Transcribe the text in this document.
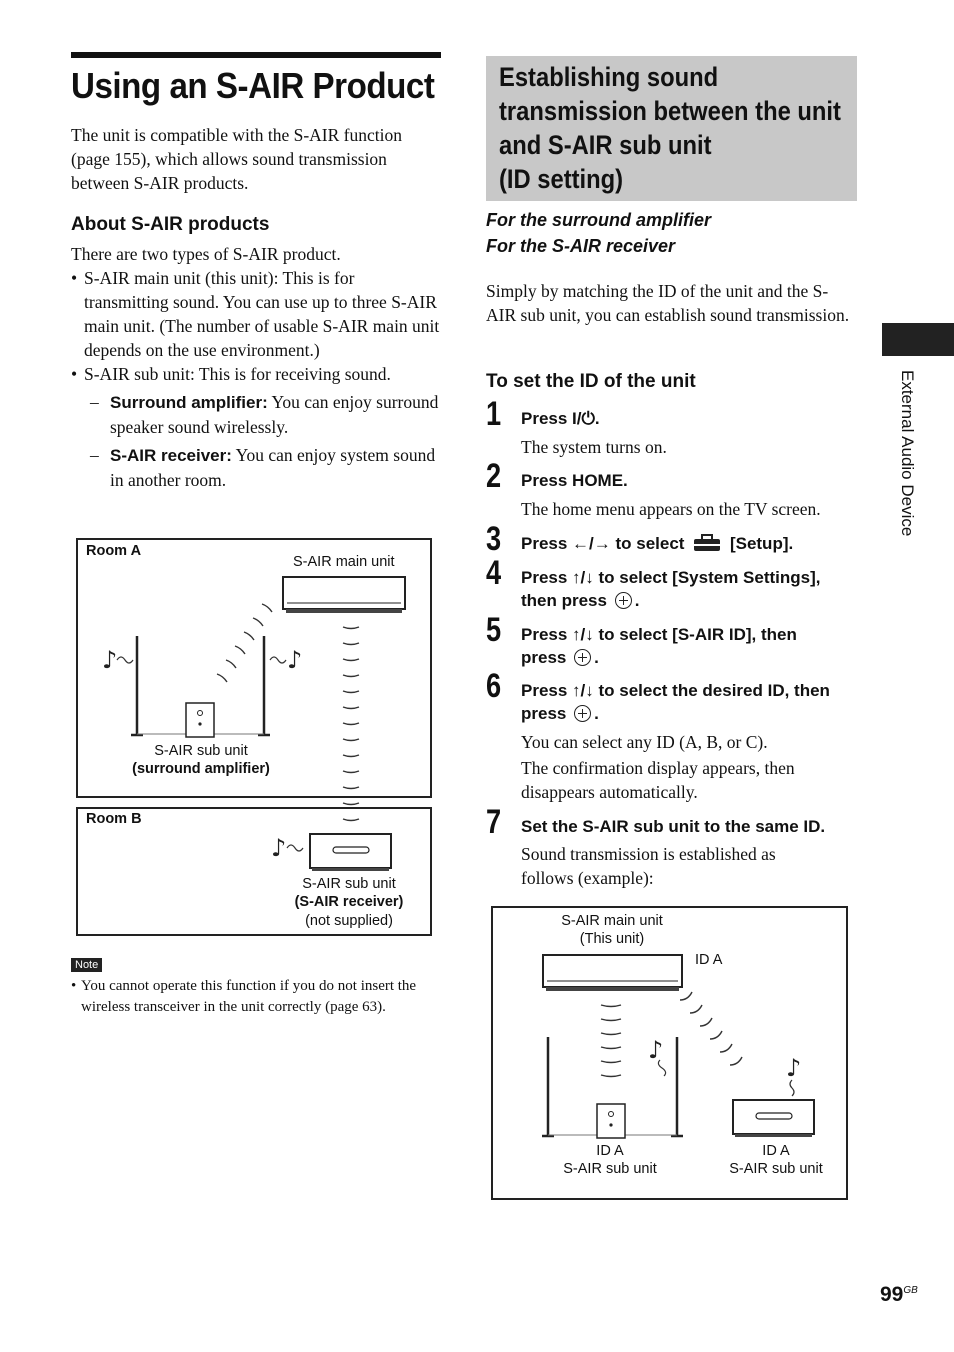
Using an S-AIR Product
The unit is compatible with the S-AIR function (page 155), which allows sound transmission between S-AIR products.
About S-AIR products
There are two types of S-AIR product.
• S-AIR main unit (this unit): This is for transmitting sound. You can use up to three S-AIR main unit. (The number of usable S-AIR main unit depends on the use environment.)
• S-AIR sub unit: This is for receiving sound.
– Surround amplifier: You can enjoy surround speaker sound wirelessly.
– S-AIR receiver: You can enjoy system sound in another room.
♪	♪
♪
Room A
S-AIR main unit
S-AIR sub unit
(surround amplifier)
Room B
S-AIR sub unit
(S-AIR receiver)
(not supplied)
Note
• You cannot operate this function if you do not insert the wireless transceiver in the unit correctly (page 63).
Establishing sound
transmission between the unit
and S-AIR sub unit
(ID setting)
For the surround amplifier
For the S-AIR receiver
Simply by matching the ID of the unit and the S-AIR sub unit, you can establish sound transmission.
To set the ID of the unit
1 Press I/⏻.
The system turns on.
2 Press HOME.
The home menu appears on the TV screen.
3 Press ←/→ to select	[Setup].
4 Press ↑/↓ to select [System Settings],
then press .
5 Press ↑/↓ to select [S-AIR ID], then
press .
6 Press ↑/↓ to select the desired ID, then
press .
You can select any ID (A, B, or C).
The confirmation display appears, then disappears automatically.
7 Set the S-AIR sub unit to the same ID.
Sound transmission is established as follows (example):
♪
♪
S-AIR main unit
(This unit)
ID A
ID A
S-AIR sub unit
ID A
S-AIR sub unit
External Audio Device
$99^{GB}$
